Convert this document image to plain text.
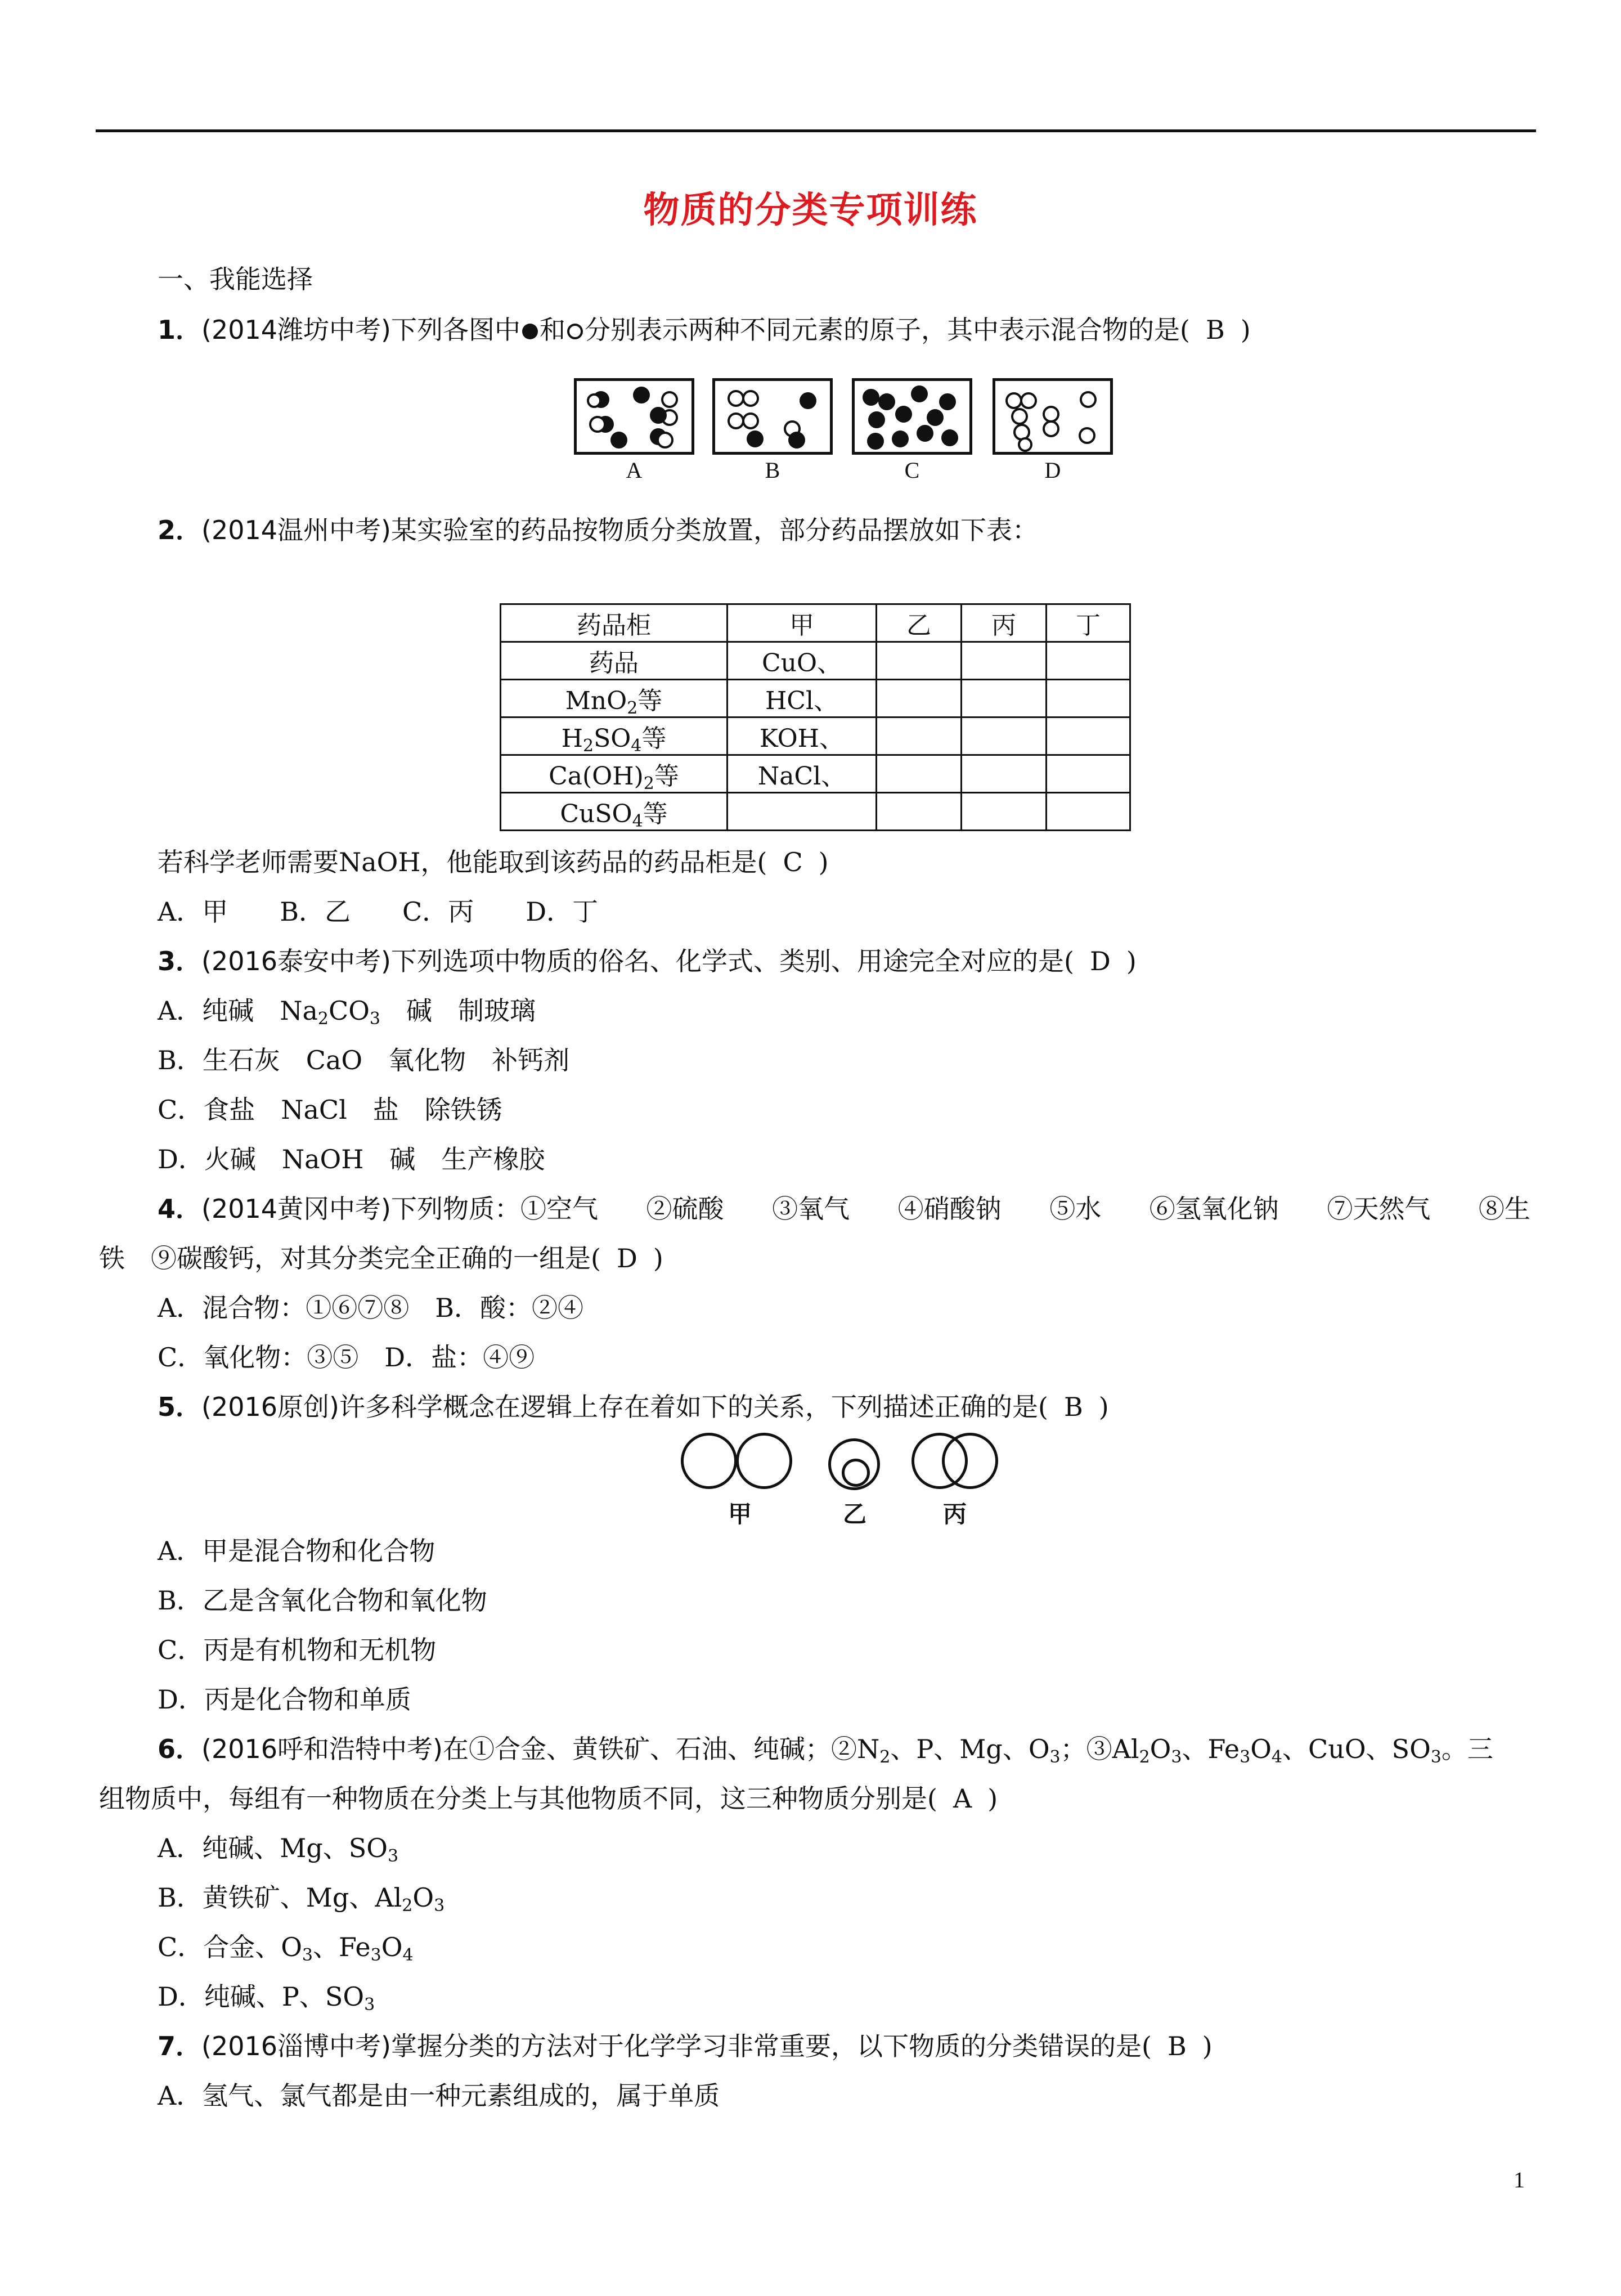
物质的分类专项训练
一、我能选择
1．(2014潍坊中考)下列各图中 和 分别表示两种不同元素的原子，其中表示混合物的是( B )
A	B	C	D
2．(2014温州中考)某实验室的药品按物质分类放置，部分药品摆放如下表：
药品柜	甲	乙	丙	丁
药品	CuO、			
MnO$_2$等	HCl、			
$H_2SO_4$等	KOH、			
$Ca(OH)_2$等	NaCl、			
CuSO$_4$等				
若科学老师需要NaOH，他能取到该药品的药品柜是( C )
A．甲　　B．乙　　C．丙　　D．丁
3．(2016泰安中考)下列选项中物质的俗名、化学式、类别、用途完全对应的是( D )
A．纯碱　$Na_2CO_3$　碱　制玻璃
B．生石灰　CaO　氧化物　补钙剂
C．食盐　NaCl　盐　除铁锈
D．火碱　NaOH　碱　生产橡胶
4．(2014黄冈中考)下列物质：①空气 ②硫酸 ③氧气 ④硝酸钠 ⑤水 ⑥氢氧化钠 ⑦天然气 ⑧生
铁　⑨碳酸钙，对其分类完全正确的一组是( D )
A．混合物：①⑥⑦⑧　B．酸：②④
C．氧化物：③⑤　D．盐：④⑨
5．(2016原创)许多科学概念在逻辑上存在着如下的关系，下列描述正确的是( B )
甲	乙	丙
A．甲是混合物和化合物
B．乙是含氧化合物和氧化物
C．丙是有机物和无机物
D．丙是化合物和单质
6．(2016呼和浩特中考)在①合金、黄铁矿、石油、纯碱；$②N_2$、P、Mg、$O_3$；$③Al_2O_3$、$Fe_3O_4$、CuO、$SO_3$。三
组物质中，每组有一种物质在分类上与其他物质不同，这三种物质分别是( A )
A．纯碱、Mg、$SO_3$
B．黄铁矿、Mg、$Al_2O_3$
C．合金、$O_3$、$Fe_3O_4$
D．纯碱、P、$SO_3$
7．(2016淄博中考)掌握分类的方法对于化学学习非常重要，以下物质的分类错误的是( B )
A．氢气、氯气都是由一种元素组成的，属于单质
1
